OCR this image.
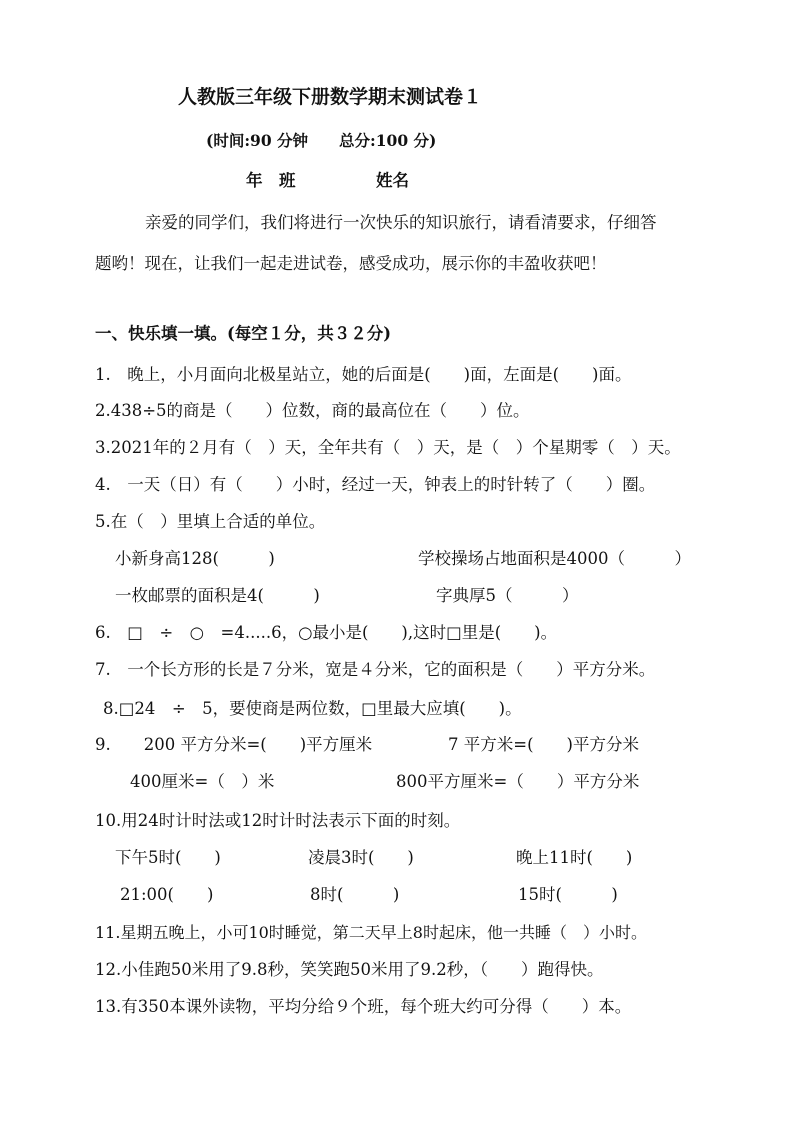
人教版三年级下册数学期末测试卷１
(时间:90 分钟　　总分:100 分)
年　班	姓名
亲爱的同学们，我们将进行一次快乐的知识旅行，请看清要求，仔细答
题哟！现在，让我们一起走进试卷，感受成功，展示你的丰盈收获吧！
一、快乐填一填。(每空１分，共３２分)
1.　晚上，小月面向北极星站立，她的后面是(　　)面，左面是(　　)面。
2.438÷5的商是（　　）位数，商的最高位在（　　）位。
3.2021年的２月有（　）天，全年共有（　）天，是（　）个星期零（　）天。
4.　一天（日）有（　　）小时，经过一天，钟表上的时针转了（　　）圈。
5.在（　）里填上合适的单位。
小新身高128(　　　)	学校操场占地面积是4000（　　　）
一枚邮票的面积是4(　　　)	字典厚5（　　　）
6.　□　÷　○　=4.....6，○最小是(　　),这时□里是(　　)。
7.　一个长方形的长是７分米，宽是４分米，它的面积是（　　）平方分米。
8.□24　÷　5，要使商是两位数，□里最大应填(　　)。
9.　　200 平方分米=(　　)平方厘米	7 平方米=(　　)平方分米
400厘米=（　）米	800平方厘米=（　　）平方分米
10.用24时计时法或12时计时法表示下面的时刻。
下午5时(　　)	凌晨3时(　　)	晚上11时(　　)
21:00(　　)	8时(　　　)	15时(　　　)
11.星期五晚上，小可10时睡觉，第二天早上8时起床，他一共睡（　）小时。
12.小佳跑50米用了9.8秒，笑笑跑50米用了9.2秒，（　　）跑得快。
13.有350本课外读物，平均分给９个班，每个班大约可分得（　　）本。
